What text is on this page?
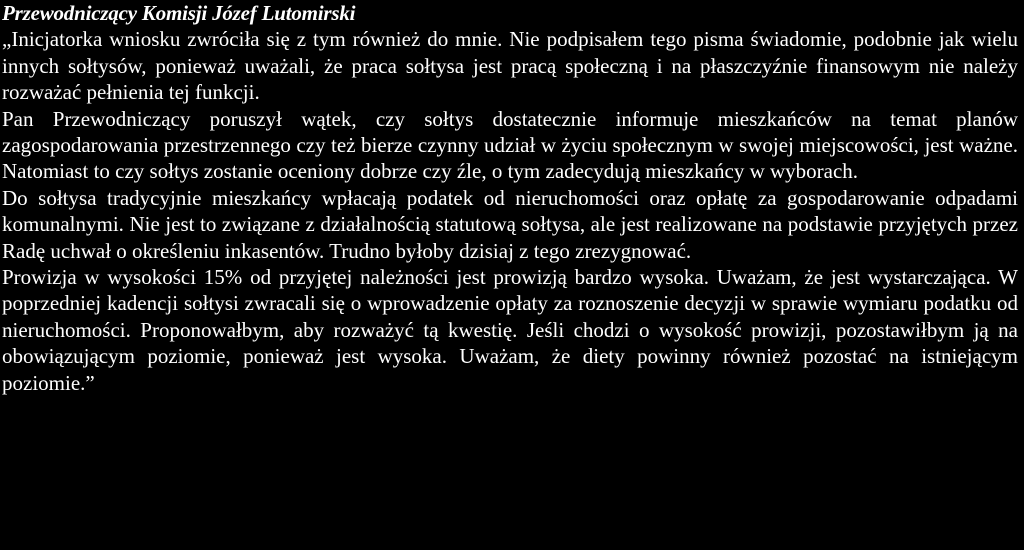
Przewodniczący Komisji Józef Lutomirski

„Inicjatorka wniosku zwróciła się z tym również do mnie. Nie podpisałem tego pisma świadomie, podobnie jak wielu innych sołtysów, ponieważ uważali, że praca sołtysa jest pracą społeczną i na płaszczyźnie finansowym nie należy rozważać pełnienia tej funkcji.

Pan Przewodniczący poruszył wątek, czy sołtys dostatecznie informuje mieszkańców na temat planów zagospodarowania przestrzennego czy też bierze czynny udział w życiu społecznym w swojej miejscowości, jest ważne. Natomiast to czy sołtys zostanie oceniony dobrze czy źle, o tym zadecydują mieszkańcy w wyborach.

Do sołtysa tradycyjnie mieszkańcy wpłacają podatek od nieruchomości oraz opłatę za gospodarowanie odpadami komunalnymi. Nie jest to związane z działalnością statutową sołtysa, ale jest realizowane na podstawie przyjętych przez Radę uchwał o określeniu inkasentów. Trudno byłoby dzisiaj z tego zrezygnować.

Prowizja w wysokości 15% od przyjętej należności jest prowizją bardzo wysoka. Uważam, że jest wystarczająca. W poprzedniej kadencji sołtysi zwracali się o wprowadzenie opłaty za roznoszenie decyzji w sprawie wymiaru podatku od nieruchomości. Proponowałbym, aby rozważyć tą kwestię. Jeśli chodzi o wysokość prowizji, pozostawiłbym ją na obowiązującym poziomie, ponieważ jest wysoka. Uważam, że diety powinny również pozostać na istniejącym poziomie.”
